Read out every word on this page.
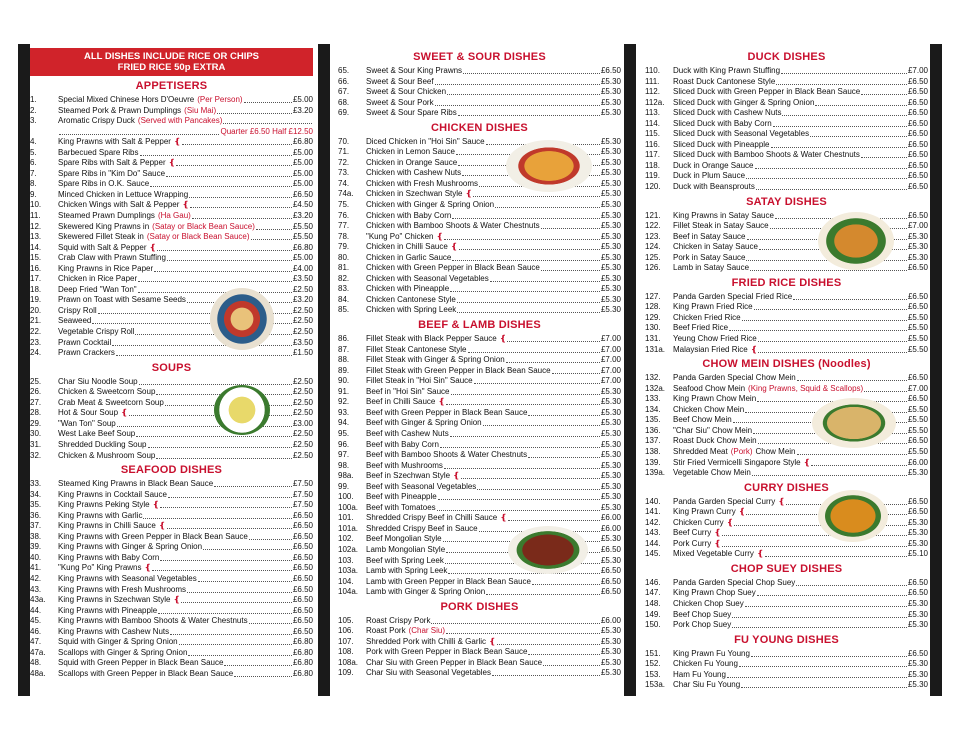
ALL DISHES INCLUDE RICE OR CHIPS
FRIED RICE 50p EXTRA
APPETISERS
1.	Special Mixed Chinese Hors D'Oeuvre (Per Person)	£5.00
2.	Steamed Pork & Prawn Dumplings (Siu Mai)	£3.20
3.	Aromatic Crispy Duck (Served with Pancakes)
Quarter £6.50 Half £12.50
4.	King Prawns with Salt & Pepper ❴	£6.80
5.	Barbecued Spare Ribs	£5.00
6.	Spare Ribs with Salt & Pepper ❴	£5.00
7.	Spare Ribs in "Kim Do" Sauce	£5.00
8.	Spare Ribs in O.K. Sauce	£5.00
9.	Minced Chicken in Lettuce Wrapping	£6.50
10.	Chicken Wings with Salt & Pepper ❴	£4.50
11.	Steamed Prawn Dumplings (Ha Gau)	£3.20
12.	Skewered King Prawns in (Satay or Black Bean Sauce)	£5.50
13.	Skewered Fillet Steak in (Satay or Black Bean Sauce)	£5.50
14.	Squid with Salt & Pepper ❴	£6.80
15.	Crab Claw with Prawn Stuffing	£5.00
16.	King Prawns in Rice Paper	£4.00
17.	Chicken in Rice Paper	£3.50
18.	Deep Fried "Wan Ton"	£2.50
19.	Prawn on Toast with Sesame Seeds	£3.20
20.	Crispy Roll	£2.50
21.	Seaweed	£2.50
22.	Vegetable Crispy Roll	£2.50
23.	Prawn Cocktail	£3.50
24.	Prawn Crackers	£1.50
SOUPS
25.	Char Siu Noodle Soup	£2.50
26.	Chicken & Sweetcorn Soup	£2.50
27.	Crab Meat & Sweetcorn Soup	£2.50
28.	Hot & Sour Soup ❴	£2.50
29.	"Wan Ton" Soup	£3.00
30.	West Lake Beef Soup	£2.50
31.	Shredded Duckling Soup	£2.50
32.	Chicken & Mushroom Soup	£2.50
SEAFOOD DISHES
33.	Steamed King Prawns in Black Bean Sauce	£7.50
34.	King Prawns in Cocktail Sauce	£7.50
35.	King Prawns Peking Style ❴	£7.50
36.	King Prawns with Garlic	£6.50
37.	King Prawns in Chilli Sauce ❴	£6.50
38.	King Prawns with Green Pepper in Black Bean Sauce	£6.50
39.	King Prawns with Ginger & Spring Onion	£6.50
40.	King Prawns with Baby Corn	£6.50
41.	"Kung Po" King Prawns ❴	£6.50
42.	King Prawns with Seasonal Vegetables	£6.50
43.	King Prawns with Fresh Mushrooms	£6.50
43a.	King Prawns in Szechwan Style ❴	£6.50
44.	King Prawns with Pineapple	£6.50
45.	King Prawns with Bamboo Shoots & Water Chestnuts	£6.50
46.	King Prawns with Cashew Nuts	£6.50
47.	Squid with Ginger & Spring Onion	£6.80
47a.	Scallops with Ginger & Spring Onion	£6.80
48.	Squid with Green Pepper in Black Bean Sauce	£6.80
48a.	Scallops with Green Pepper in Black Bean Sauce	£6.80
SWEET & SOUR DISHES
65.	Sweet & Sour King Prawns	£6.50
66.	Sweet & Sour Beef	£5.30
67.	Sweet & Sour Chicken	£5.30
68.	Sweet & Sour Pork	£5.30
69.	Sweet & Sour Spare Ribs	£5.30
CHICKEN DISHES
70.	Diced Chicken in "Hoi Sin" Sauce	£5.30
71.	Chicken in Lemon Sauce	£5.30
72.	Chicken in Orange Sauce	£5.30
73.	Chicken with Cashew Nuts	£5.30
74.	Chicken with Fresh Mushrooms	£5.30
74a.	Chicken in Szechwan Style ❴	£5.30
75.	Chicken with Ginger & Spring Onion	£5.30
76.	Chicken with Baby Corn	£5.30
77.	Chicken with Bamboo Shoots & Water Chestnuts	£5.30
78.	"Kung Po" Chicken ❴	£5.30
79.	Chicken in Chilli Sauce ❴	£5.30
80.	Chicken in Garlic Sauce	£5.30
81.	Chicken with Green Pepper in Black Bean Sauce	£5.30
82.	Chicken with Seasonal Vegetables	£5.30
83.	Chicken with Pineapple	£5.30
84.	Chicken Cantonese Style	£5.30
85.	Chicken with Spring Leek	£5.30
BEEF & LAMB DISHES
86.	Fillet Steak with Black Pepper Sauce ❴	£7.00
87.	Fillet Steak Cantonese Style	£7.00
88.	Fillet Steak with Ginger & Spring Onion	£7.00
89.	Fillet Steak with Green Pepper in Black Bean Sauce	£7.00
90.	Fillet Steak in "Hoi Sin" Sauce	£7.00
91.	Beef in "Hoi Sin" Sauce	£5.30
92.	Beef in Chilli Sauce ❴	£5.30
93.	Beef with Green Pepper in Black Bean Sauce	£5.30
94.	Beef with Ginger & Spring Onion	£5.30
95.	Beef with Cashew Nuts	£5.30
96.	Beef with Baby Corn	£5.30
97.	Beef with Bamboo Shoots & Water Chestnuts	£5.30
98.	Beef with Mushrooms	£5.30
98a.	Beef in Szechwan Style ❴	£5.30
99.	Beef with Seasonal Vegetables	£5.30
100.	Beef with Pineapple	£5.30
100a. Beef with Tomatoes	£5.30
101.	Shredded Crispy Beef in Chilli Sauce ❴	£6.00
101a. Shredded Crispy Beef in Sauce	£6.00
102.	Beef Mongolian Style	£5.30
102a. Lamb Mongolian Style	£6.50
103.	Beef with Spring Leek	£5.30
103a. Lamb with Spring Leek	£6.50
104.	Lamb with Green Pepper in Black Bean Sauce	£6.50
104a. Lamb with Ginger & Spring Onion	£6.50
PORK DISHES
105.	Roast Crispy Pork	£6.00
106.	Roast Pork (Char Siu)	£5.30
107.	Shredded Pork with Chilli & Garlic ❴	£5.30
108.	Pork with Green Pepper in Black Bean Sauce	£5.30
108a. Char Siu with Green Pepper in Black Bean Sauce	£5.30
109.	Char Siu with Seasonal Vegetables	£5.30
DUCK DISHES
110.	Duck with King Prawn Stuffing	£7.00
111.	Roast Duck Cantonese Style	£6.50
112.	Sliced Duck with Green Pepper in Black Bean Sauce	£6.50
112a.	Sliced Duck with Ginger & Spring Onion	£6.50
113.	Sliced Duck with Cashew Nuts	£6.50
114.	Sliced Duck with Baby Corn	£6.50
115.	Sliced Duck with Seasonal Vegetables	£6.50
116.	Sliced Duck with Pineapple	£6.50
117.	Sliced Duck with Bamboo Shoots & Water Chestnuts	£6.50
118.	Duck in Orange Sauce	£6.50
119.	Duck in Plum Sauce	£6.50
120.	Duck with Beansprouts	£6.50
SATAY DISHES
121.	King Prawns in Satay Sauce	£6.50
122.	Fillet Steak in Satay Sauce	£7.00
123.	Beef in Satay Sauce	£5.30
124.	Chicken in Satay Sauce	£5.30
125.	Pork in Satay Sauce	£5.30
126.	Lamb in Satay Sauce	£6.50
FRIED RICE DISHES
127.	Panda Garden Special Fried Rice	£6.50
128.	King Prawn Fried Rice	£6.50
129.	Chicken Fried Rice	£5.50
130.	Beef Fried Rice	£5.50
131.	Yeung Chow Fried Rice	£5.50
131a. Malaysian Fried Rice ❴	£5.50
CHOW MEIN DISHES (Noodles)
132.	Panda Garden Special Chow Mein	£6.50
132a. Seafood Chow Mein (King Prawns, Squid & Scallops)	£7.00
133.	King Prawn Chow Mein	£6.50
134.	Chicken Chow Mein	£5.50
135.	Beef Chow Mein	£5.50
136.	"Char Siu" Chow Mein	£5.50
137.	Roast Duck Chow Mein	£6.50
138.	Shredded Meat (Pork) Chow Mein	£5.50
139.	Stir Fried Vermicelli Singapore Style ❴	£6.00
139a. Vegetable Chow Mein	£5.30
CURRY DISHES
140.	Panda Garden Special Curry ❴	£6.50
141.	King Prawn Curry ❴	£6.50
142.	Chicken Curry ❴	£5.30
143.	Beef Curry ❴	£5.30
144.	Pork Curry ❴	£5.30
145.	Mixed Vegetable Curry ❴	£5.10
CHOP SUEY DISHES
146.	Panda Garden Special Chop Suey	£6.50
147.	King Prawn Chop Suey	£6.50
148.	Chicken Chop Suey	£5.30
149.	Beef Chop Suey	£5.30
150.	Pork Chop Suey	£5.30
FU YOUNG DISHES
151.	King Prawn Fu Young	£6.50
152.	Chicken Fu Young	£5.30
153.	Ham Fu Young	£5.30
153a. Char Siu Fu Young	£5.30
